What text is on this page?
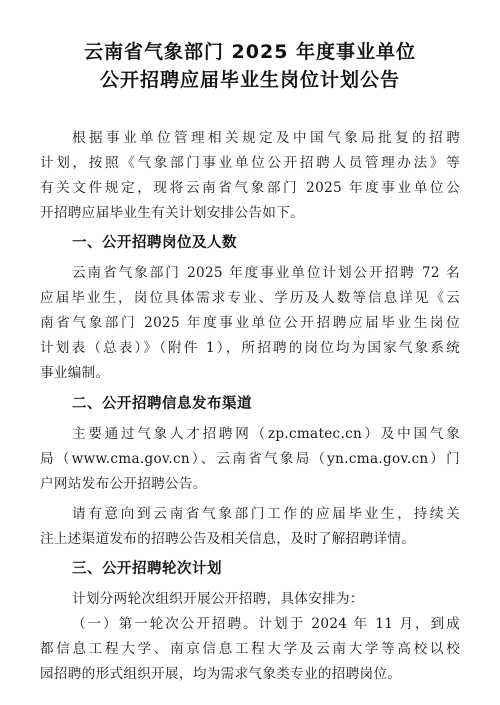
云南省气象部门 2025 年度事业单位
公开招聘应届毕业生岗位计划公告
根据事业单位管理相关规定及中国气象局批复的招聘
计划，按照《气象部门事业单位公开招聘人员管理办法》等
有关文件规定，现将云南省气象部门 2025 年度事业单位公
开招聘应届毕业生有关计划安排公告如下。
一、公开招聘岗位及人数
云南省气象部门 2025 年度事业单位计划公开招聘 72 名
应届毕业生，岗位具体需求专业、学历及人数等信息详见《云
南省气象部门 2025 年度事业单位公开招聘应届毕业生岗位
计划表（总表）》（附件 1），所招聘的岗位均为国家气象系统
事业编制。
二、公开招聘信息发布渠道
主要通过气象人才招聘网（zp.cmatec.cn）及中国气象
局（www.cma.gov.cn）、云南省气象局（yn.cma.gov.cn）门
户网站发布公开招聘公告。
请有意向到云南省气象部门工作的应届毕业生，持续关
注上述渠道发布的招聘公告及相关信息，及时了解招聘详情。
三、公开招聘轮次计划
计划分两轮次组织开展公开招聘，具体安排为：
（一）第一轮次公开招聘。计划于 2024 年 11 月，到成
都信息工程大学、南京信息工程大学及云南大学等高校以校
园招聘的形式组织开展，均为需求气象类专业的招聘岗位。
